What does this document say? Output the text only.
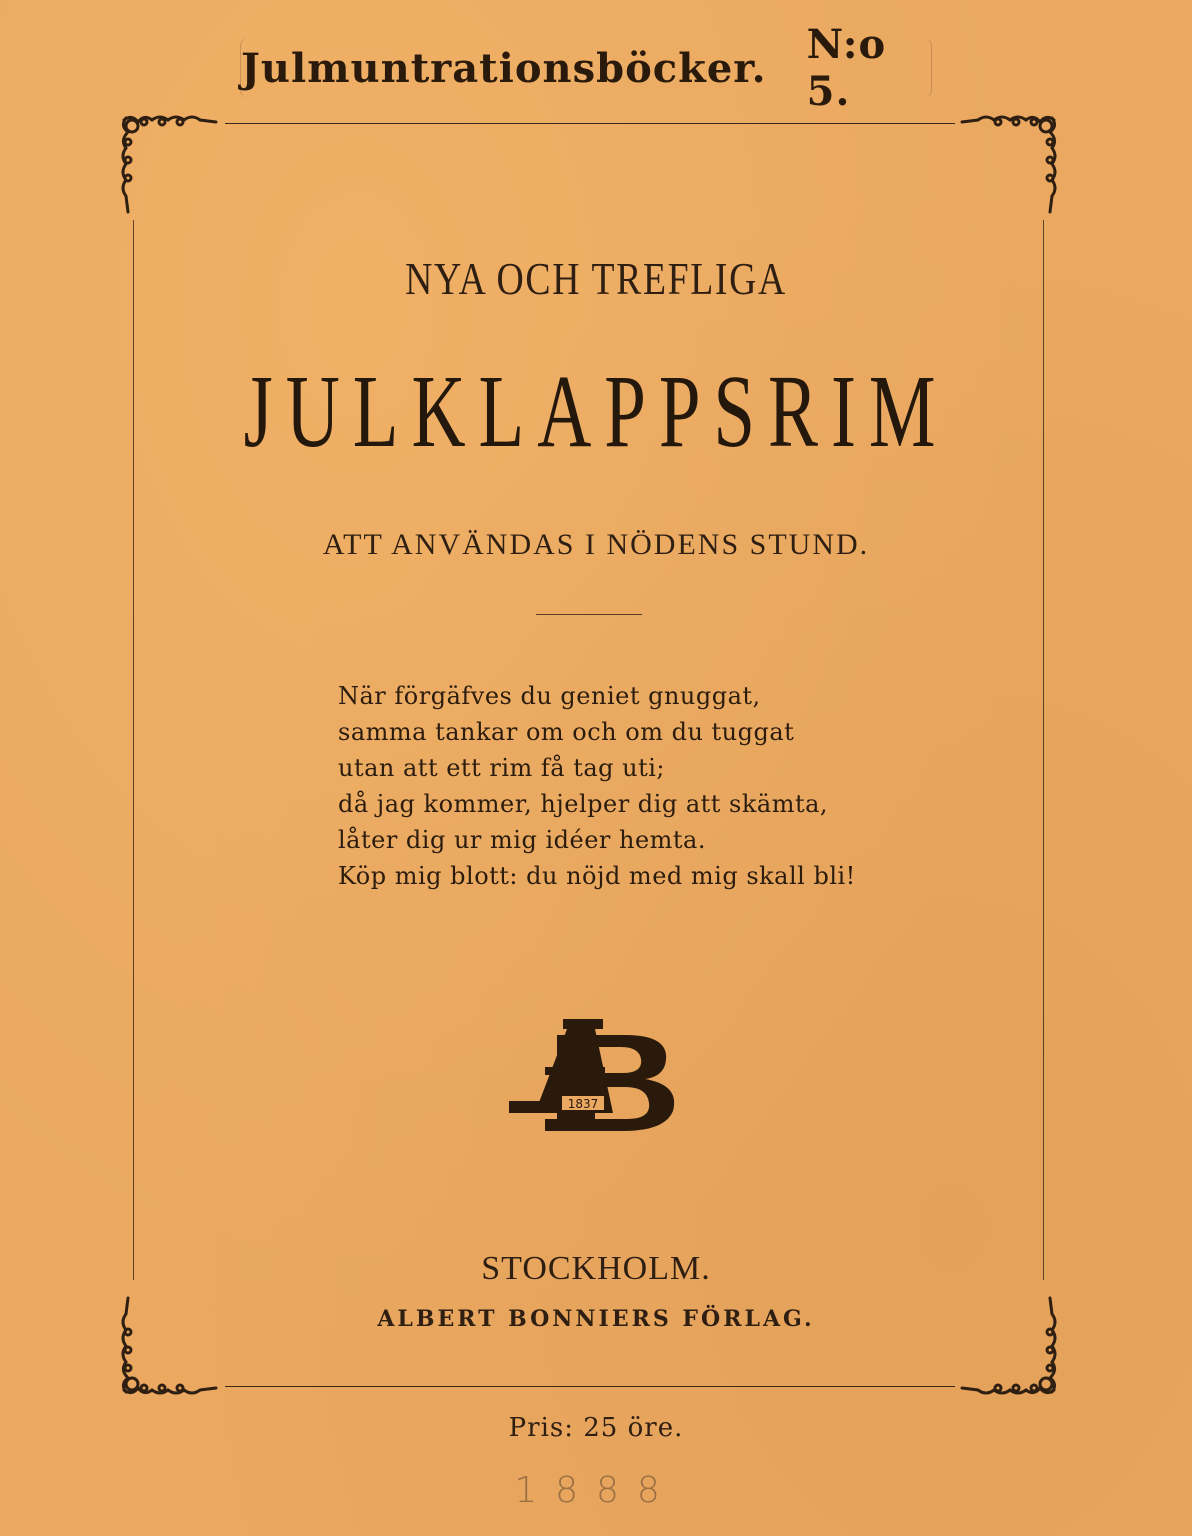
Julmuntrationsböcker. N:o 5.
NYA OCH TREFLIGA
JULKLAPPSRIM
ATT ANVÄNDAS I NÖDENS STUND.
När förgäfves du geniet gnuggat,
samma tankar om och om du tuggat
utan att ett rim få tag uti;
då jag kommer, hjelper dig att skämta,
låter dig ur mig idéer hemta.
Köp mig blott: du nöjd med mig skall bli!
1837
STOCKHOLM.
ALBERT BONNIERS FÖRLAG.
Pris: 25 öre.
1888
